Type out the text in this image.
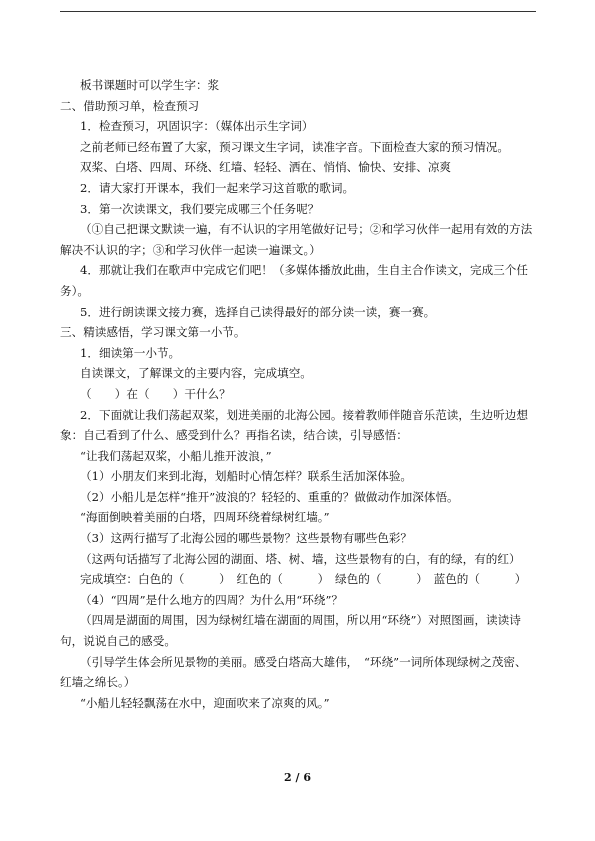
板书课题时可以学生字：浆

二、借助预习单，检查预习

1．检查预习，巩固识字：（媒体出示生字词）

之前老师已经布置了大家，预习课文生字词，读准字音。下面检查大家的预习情况。

双桨、白塔、四周、环绕、红墙、轻轻、洒在、悄悄、愉快、安排、凉爽

2．请大家打开课本，我们一起来学习这首歌的歌词。

3．第一次读课文，我们要完成哪三个任务呢？

（①自己把课文默读一遍，有不认识的字用笔做好记号；②和学习伙伴一起用有效的方法解决不认识的字；③和学习伙伴一起读一遍课文。）

4．那就让我们在歌声中完成它们吧！（多媒体播放此曲，生自主合作读文，完成三个任务）。

5．进行朗读课文接力赛，选择自己读得最好的部分读一读，赛一赛。

三、精读感悟，学习课文第一小节。

1．细读第一小节。

自读课文，了解课文的主要内容，完成填空。

（　　）在（　　）干什么？

2．下面就让我们荡起双桨，划进美丽的北海公园。接着教师伴随音乐范读，生边听边想象：自己看到了什么、感受到什么？再指名读，结合读，引导感悟：

“让我们荡起双桨，小船儿推开波浪，”

（1）小朋友们来到北海，划船时心情怎样？联系生活加深体验。

（2）小船儿是怎样“推开”波浪的？轻轻的、重重的？做做动作加深体悟。

“海面倒映着美丽的白塔，四周环绕着绿树红墙。”

（3）这两行描写了北海公园的哪些景物？这些景物有哪些色彩？

（这两句话描写了北海公园的湖面、塔、树、墙，这些景物有的白，有的绿，有的红）

完成填空：白色的（　　　）　红色的（　　　）　绿色的（　　　）　蓝色的（　　　）

（4）“四周”是什么地方的四周？为什么用“环绕”？

（四周是湖面的周围，因为绿树红墙在湖面的周围，所以用“环绕”）对照图画，读读诗句，说说自己的感受。

（引导学生体会所见景物的美丽。感受白塔高大雄伟，　“环绕”一词所体现绿树之茂密、红墙之绵长。）

“小船儿轻轻飘荡在水中，迎面吹来了凉爽的风。”

2 / 6
